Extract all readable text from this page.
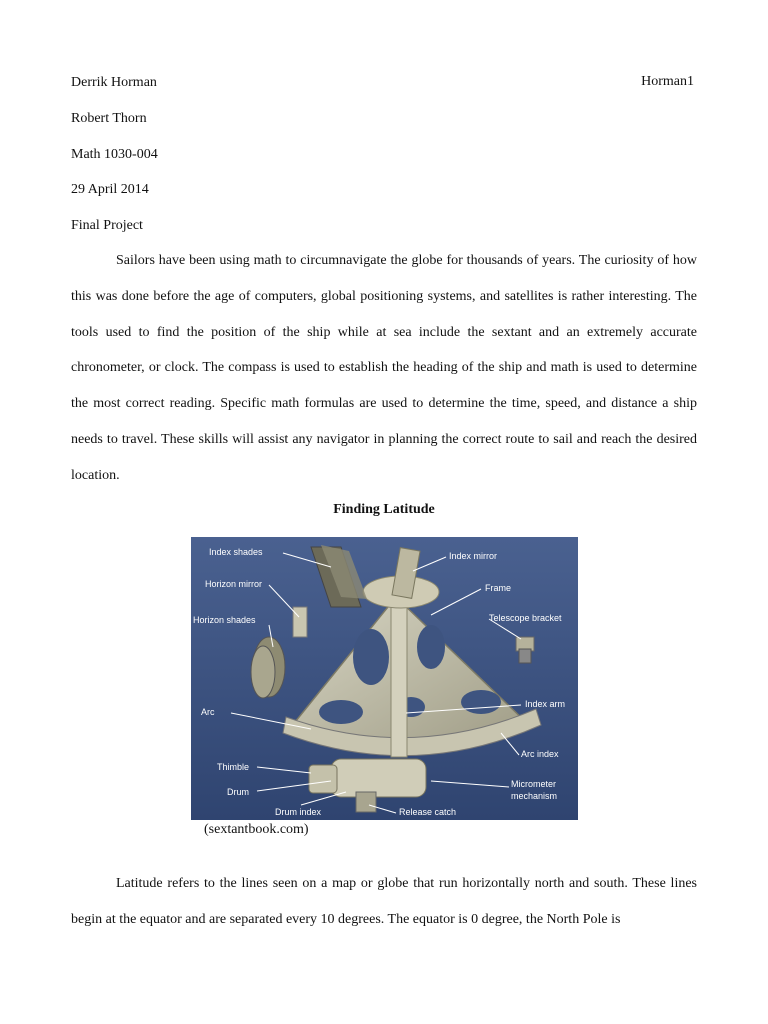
Horman1
Derrik Horman
Robert Thorn
Math 1030-004
29 April 2014
Final Project

Sailors have been using math to circumnavigate the globe for thousands of years. The curiosity of how this was done before the age of computers, global positioning systems, and satellites is rather interesting. The tools used to find the position of the ship while at sea include the sextant and an extremely accurate chronometer, or clock. The compass is used to establish the heading of the ship and math is used to determine the most correct reading. Specific math formulas are used to determine the time, speed, and distance a ship needs to travel. These skills will assist any navigator in planning the correct route to sail and reach the desired location.

Finding Latitude
Index shades
Horizon mirror
Horizon shades
Arc
Thimble
Drum
Drum index
Index mirror
Frame
Telescope bracket
Index arm
Arc index
Micrometer
mechanism
Release catch
(sextantbook.com)

Latitude refers to the lines seen on a map or globe that run horizontally north and south. These lines begin at the equator and are separated every 10 degrees. The equator is 0 degree, the North Pole is
